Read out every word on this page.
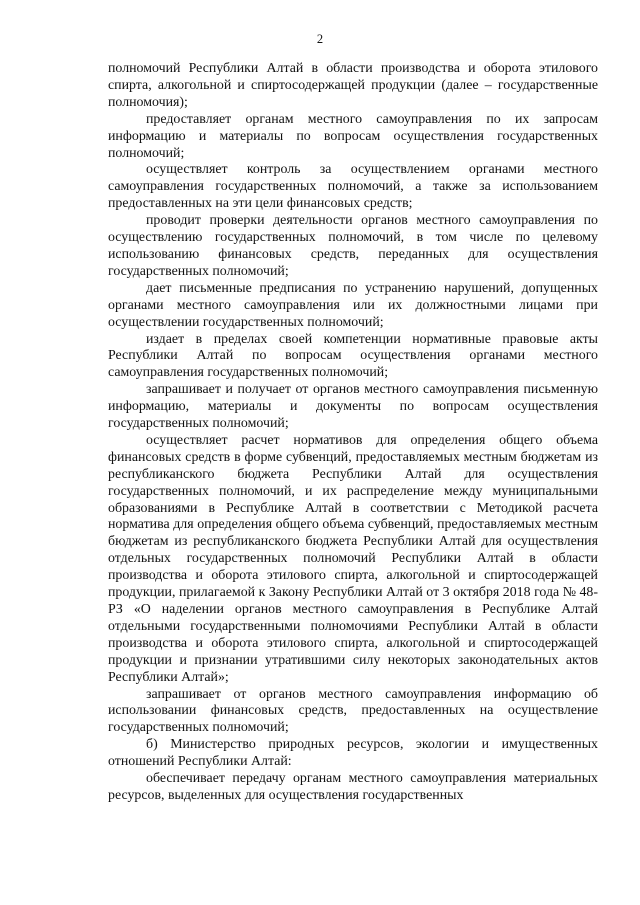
2

полномочий Республики Алтай в области производства и оборота этилового спирта, алкогольной и спиртосодержащей продукции (далее – государственные полномочия);

предоставляет органам местного самоуправления по их запросам информацию и материалы по вопросам осуществления государственных полномочий;

осуществляет контроль за осуществлением органами местного самоуправления государственных полномочий, а также за использованием предоставленных на эти цели финансовых средств;

проводит проверки деятельности органов местного самоуправления по осуществлению государственных полномочий, в том числе по целевому использованию финансовых средств, переданных для осуществления государственных полномочий;

дает письменные предписания по устранению нарушений, допущенных органами местного самоуправления или их должностными лицами при осуществлении государственных полномочий;

издает в пределах своей компетенции нормативные правовые акты Республики Алтай по вопросам осуществления органами местного самоуправления государственных полномочий;

запрашивает и получает от органов местного самоуправления письменную информацию, материалы и документы по вопросам осуществления государственных полномочий;

осуществляет расчет нормативов для определения общего объема финансовых средств в форме субвенций, предоставляемых местным бюджетам из республиканского бюджета Республики Алтай для осуществления государственных полномочий, и их распределение между муниципальными образованиями в Республике Алтай в соответствии с Методикой расчета норматива для определения общего объема субвенций, предоставляемых местным бюджетам из республиканского бюджета Республики Алтай для осуществления отдельных государственных полномочий Республики Алтай в области производства и оборота этилового спирта, алкогольной и спиртосодержащей продукции, прилагаемой к Закону Республики Алтай от 3 октября 2018 года № 48-РЗ «О наделении органов местного самоуправления в Республике Алтай отдельными государственными полномочиями Республики Алтай в области производства и оборота этилового спирта, алкогольной и спиртосодержащей продукции и признании утратившими силу некоторых законодательных актов Республики Алтай»;

запрашивает от органов местного самоуправления информацию об использовании финансовых средств, предоставленных на осуществление государственных полномочий;

б) Министерство природных ресурсов, экологии и имущественных отношений Республики Алтай:

обеспечивает передачу органам местного самоуправления материальных ресурсов, выделенных для осуществления государственных
